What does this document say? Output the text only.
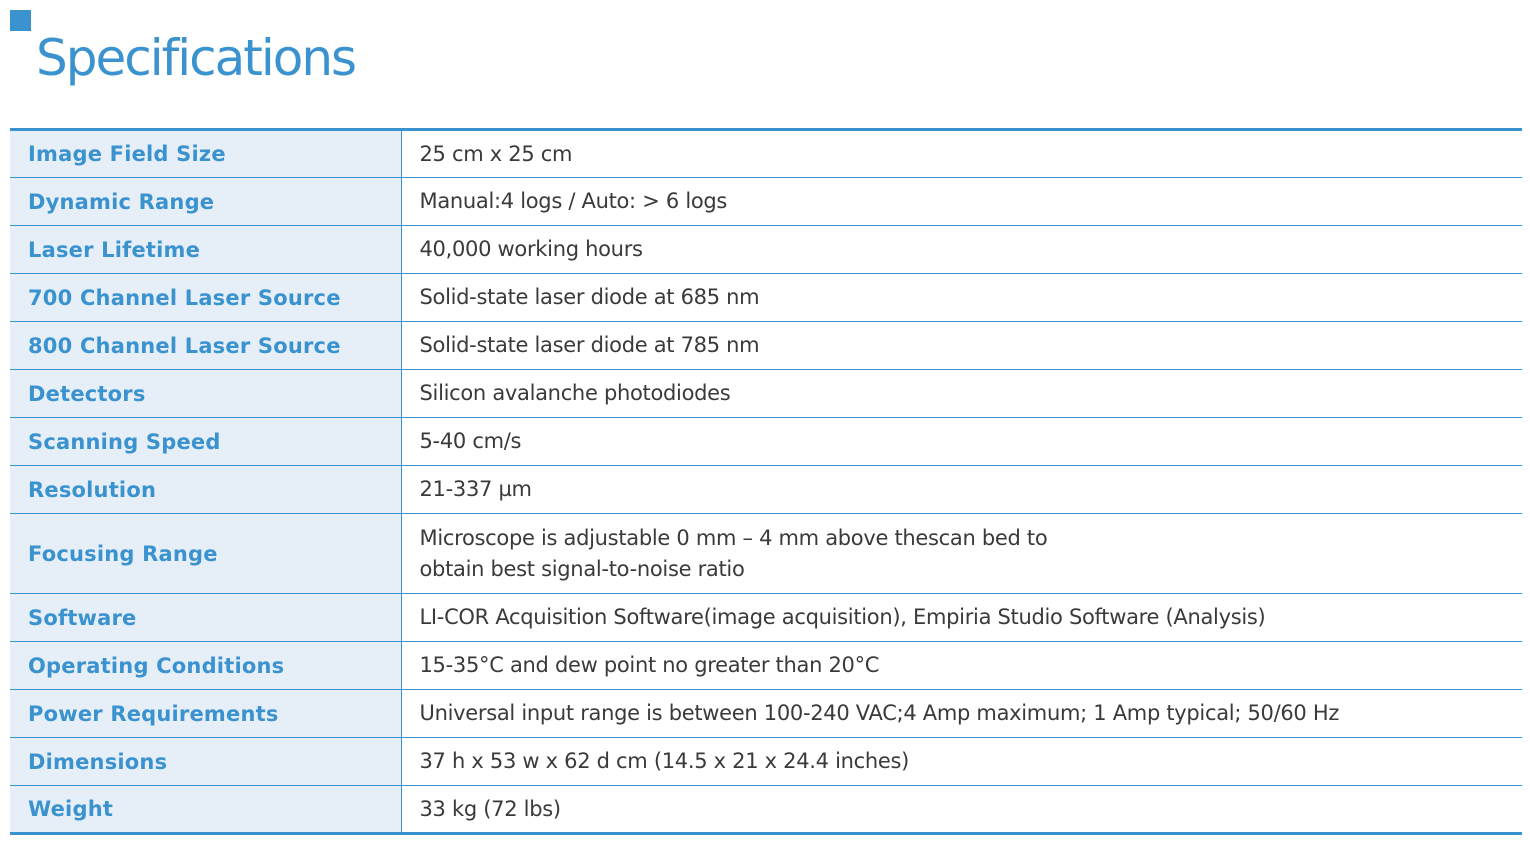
Specifications
Image Field Size	25 cm x 25 cm
Dynamic Range	Manual:4 logs / Auto: > 6 logs
Laser Lifetime	40,000 working hours
700 Channel Laser Source	Solid-state laser diode at 685 nm
800 Channel Laser Source	Solid-state laser diode at 785 nm
Detectors	Silicon avalanche photodiodes
Scanning Speed	5-40 cm/s
Resolution	21-337 µm
Focusing Range	Microscope is adjustable 0 mm – 4 mm above thescan bed to
obtain best signal-to-noise ratio

Software	LI-COR Acquisition Software(image acquisition), Empiria Studio Software (Analysis)
Operating Conditions	15-35°C and dew point no greater than 20°C
Power Requirements	Universal input range is between 100-240 VAC;4 Amp maximum; 1 Amp typical; 50/60 Hz
Dimensions	37 h x 53 w x 62 d cm (14.5 x 21 x 24.4 inches)
Weight	33 kg (72 lbs)
